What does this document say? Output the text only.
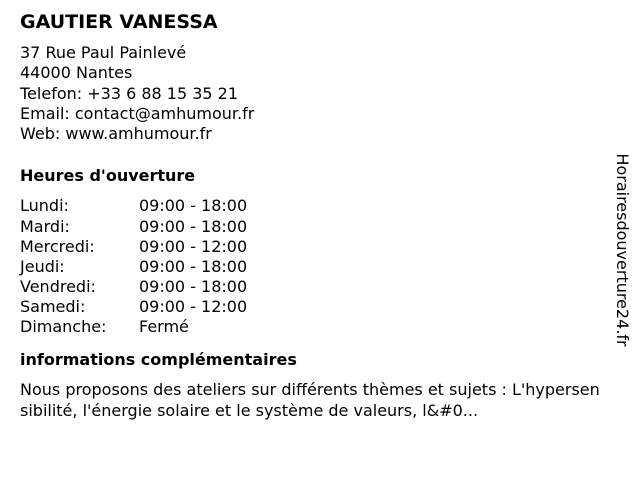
GAUTIER VANESSA
37 Rue Paul Painlevé
44000 Nantes
Telefon: +33 6 88 15 35 21
Email: contact@amhumour.fr
Web: www.amhumour.fr
Heures d'ouverture
Lundi:	09:00 - 18:00
Mardi:	09:00 - 18:00
Mercredi:	09:00 - 12:00
Jeudi:	09:00 - 18:00
Vendredi:	09:00 - 18:00
Samedi:	09:00 - 12:00
Dimanche:	Fermé
informations complémentaires
Nous proposons des ateliers sur différents thèmes et sujets : L'hypersensibilité, l'énergie solaire et le système de valeurs, l&#0...
Horairesdouverture24.fr
